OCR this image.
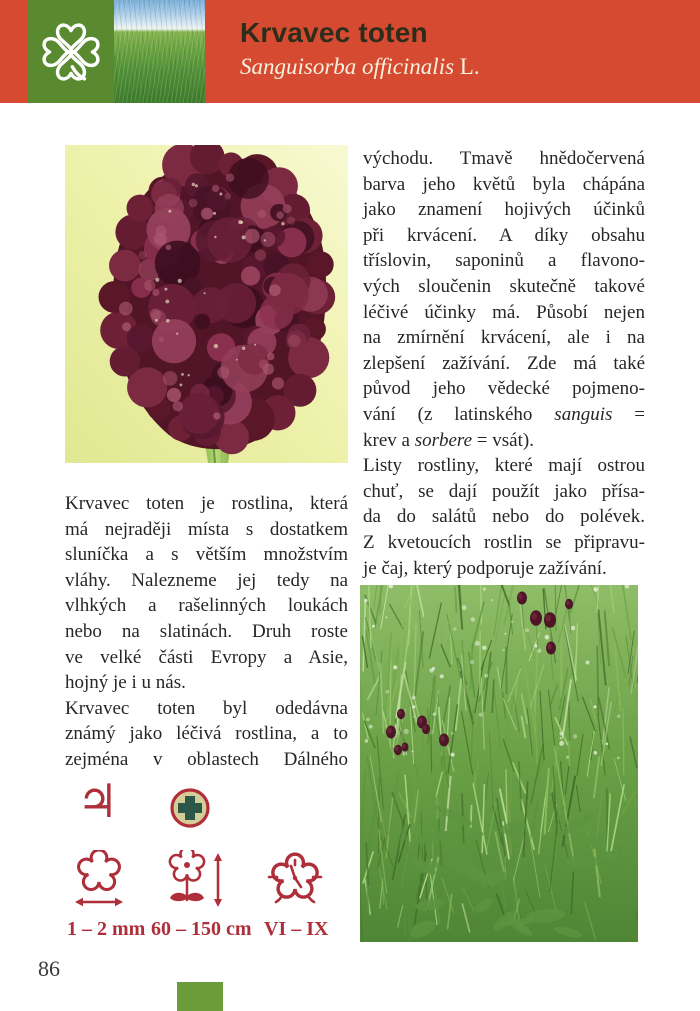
Krvavec toten
Sanguisorba officinalis L.
Krvavec toten je rostlina, která
má nejraději místa s dostatkem
sluníčka a s větším množstvím
vláhy. Nalezneme jej tedy na
vlhkých a rašelinných loukách
nebo na slatinách. Druh roste
ve velké části Evropy a Asie,
hojný je i u nás.
Krvavec toten byl odedávna
známý jako léčivá rostlina, a to
zejména v oblastech Dálného
východu. Tmavě hnědočervená
barva jeho květů byla chápána
jako znamení hojivých účinků
při krvácení. A díky obsahu
tříslovin, saponinů a flavono-
vých sloučenin skutečně takové
léčivé účinky má. Působí nejen
na zmírnění krvácení, ale i na
zlepšení zažívání. Zde má také
původ jeho vědecké pojmeno-
vání (z latinského sanguis =
krev a sorbere = vsát).
Listy rostliny, které mají ostrou
chuť, se dají použít jako přísa-
da do salátů nebo do polévek.
Z kvetoucích rostlin se připravu-
je čaj, který podporuje zažívání.
♃
1 – 2 mm 60 – 150 cm VI – IX
86
